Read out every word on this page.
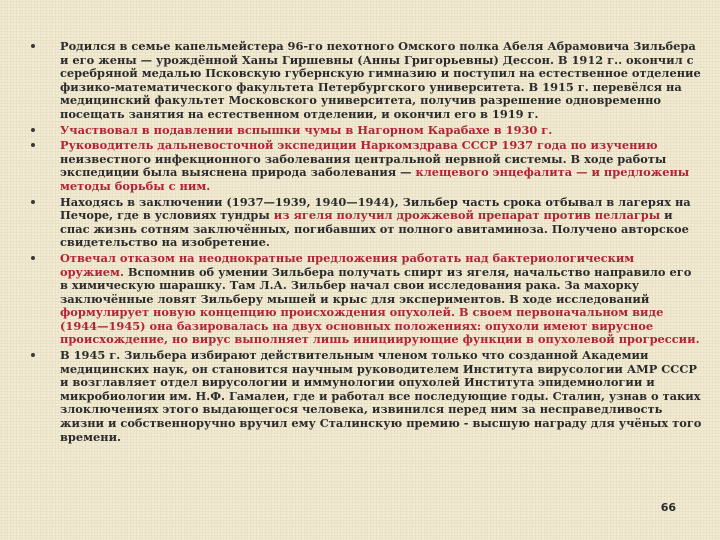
Родился в семье капельмейстера 96-го пехотного Омского полка Абеля Абрамовича Зильбера и его жены — урождённой Ханы Гиршевны (Анны Григорьевны) Дессон. В 1912 г.. окончил с серебряной медалью Псковскую губернскую гимназию и поступил на естественное отделение физико-математического факультета Петербургского университета. В 1915 г. перевёлся на медицинский факультет Московского университета, получив разрешение одновременно посещать занятия на естественном отделении, и окончил его в 1919 г.
Участвовал в подавлении вспышки чумы в Нагорном Карабахе в 1930 г.
Руководитель дальневосточной экспедиции Наркомздрава СССР 1937 года по изучению неизвестного инфекционного заболевания центральной нервной системы. В ходе работы экспедиции была выяснена природа заболевания — клещевого энцефалита — и предложены методы борьбы с ним.
Находясь в заключении (1937—1939, 1940—1944), Зильбер часть срока отбывал в лагерях на Печоре, где в условиях тундры из ягеля получил дрожжевой препарат против пеллагры и спас жизнь сотням заключённых, погибавших от полного авитаминоза. Получено авторское свидетельство на изобретение.
Отвечал отказом на неоднократные предложения работать над бактериологическим оружием. Вспомнив об умении Зильбера получать спирт из ягеля, начальство направило его в химическую шарашку. Там Л.А. Зильбер начал свои исследования рака. За махорку заключённые ловят Зильберу мышей и крыс для экспериментов. В ходе исследований формулирует новую концепцию происхождения опухолей. В своем первоначальном виде (1944—1945) она базировалась на двух основных положениях: опухоли имеют вирусное происхождение, но вирус выполняет лишь инициирующие функции в опухолевой прогрессии.
В 1945 г. Зильбера избирают действительным членом только что созданной Академии медицинских наук, он становится научным руководителем Института вирусологии АМР СССР и возглавляет отдел вирусологии и иммунологии опухолей Института эпидемиологии и микробиологии им. Н.Ф. Гамалеи, где и работал все последующие годы. Сталин, узнав о таких злоключениях этого выдающегося человека, извинился перед ним за несправедливость жизни и собственноручно вручил ему Сталинскую премию - высшую награду для учёных того времени.
66
